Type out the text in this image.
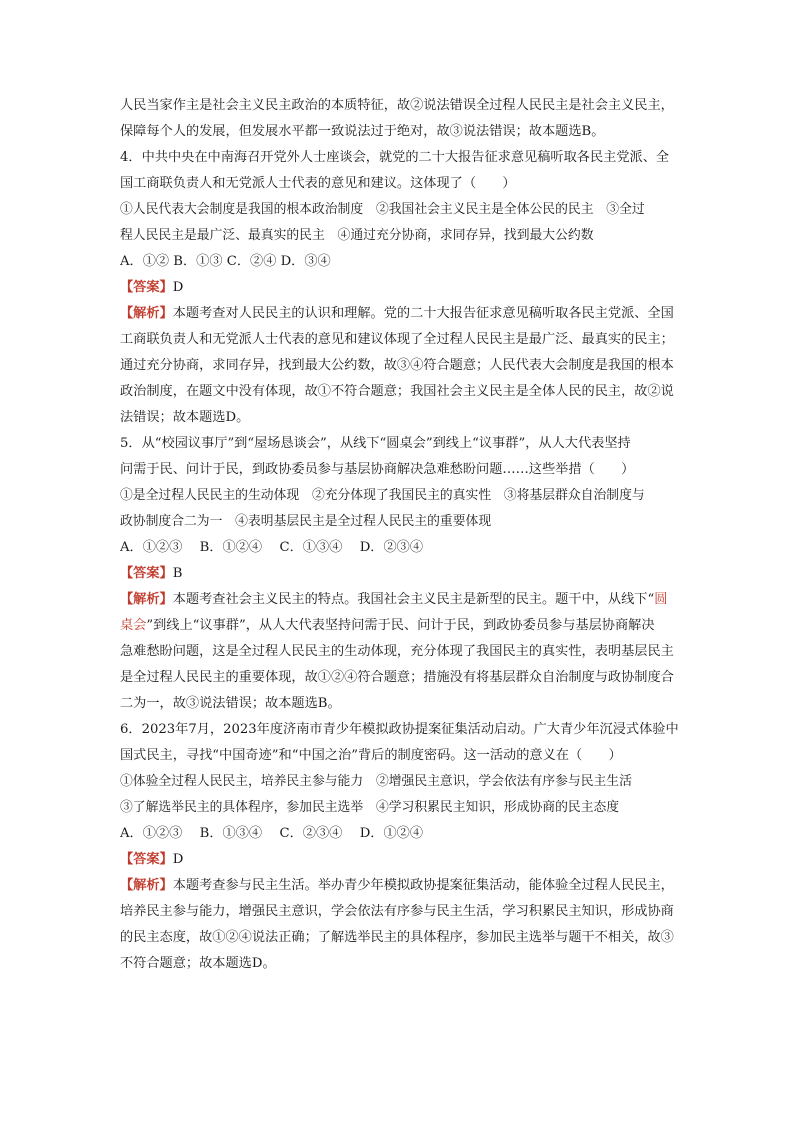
人民当家作主是社会主义民主政治的本质特征，故②说法错误全过程人民民主是社会主义民主，
保障每个人的发展，但发展水平都一致说法过于绝对，故③说法错误；故本题选B。
4．中共中央在中南海召开党外人士座谈会，就党的二十大报告征求意见稿听取各民主党派、全
国工商联负责人和无党派人士代表的意见和建议。这体现了（　　）
①人民代表大会制度是我国的根本政治制度　②我国社会主义民主是全体公民的民主　③全过
程人民民主是最广泛、最真实的民主　④通过充分协商，求同存异，找到最大公约数
A．①② B．①③ C．②④ D．③④
【答案】D
【解析】本题考查对人民民主的认识和理解。党的二十大报告征求意见稿听取各民主党派、全国
工商联负责人和无党派人士代表的意见和建议体现了全过程人民民主是最广泛、最真实的民主；
通过充分协商，求同存异，找到最大公约数，故③④符合题意；人民代表大会制度是我国的根本
政治制度，在题文中没有体现，故①不符合题意；我国社会主义民主是全体人民的民主，故②说
法错误；故本题选D。
5．从“校园议事厅”到“屋场恳谈会”，从线下“圆桌会”到线上“议事群”，从人大代表坚持
问需于民、问计于民，到政协委员参与基层协商解决急难愁盼问题……这些举措（　　）
①是全过程人民民主的生动体现　②充分体现了我国民主的真实性　③将基层群众自治制度与
政协制度合二为一　④表明基层民主是全过程人民民主的重要体现
A．①②③　 B．①②④　 C．①③④　 D．②③④
【答案】B
【解析】本题考查社会主义民主的特点。我国社会主义民主是新型的民主。题干中，从线下“圆
桌会”到线上“议事群”，从人大代表坚持问需于民、问计于民，到政协委员参与基层协商解决
急难愁盼问题，这是全过程人民民主的生动体现，充分体现了我国民主的真实性，表明基层民主
是全过程人民民主的重要体现，故①②④符合题意；措施没有将基层群众自治制度与政协制度合
二为一，故③说法错误；故本题选B。
6．2023年7月，2023年度济南市青少年模拟政协提案征集活动启动。广大青少年沉浸式体验中
国式民主，寻找“中国奇迹”和“中国之治”背后的制度密码。这一活动的意义在（　　）
①体验全过程人民民主，培养民主参与能力　②增强民主意识，学会依法有序参与民主生活
③了解选举民主的具体程序，参加民主选举　④学习积累民主知识，形成协商的民主态度
A．①②③　 B．①③④　 C．②③④　 D．①②④
【答案】D
【解析】本题考查参与民主生活。举办青少年模拟政协提案征集活动，能体验全过程人民民主，
培养民主参与能力，增强民主意识，学会依法有序参与民主生活，学习积累民主知识，形成协商
的民主态度，故①②④说法正确；了解选举民主的具体程序，参加民主选举与题干不相关，故③
不符合题意；故本题选D。
